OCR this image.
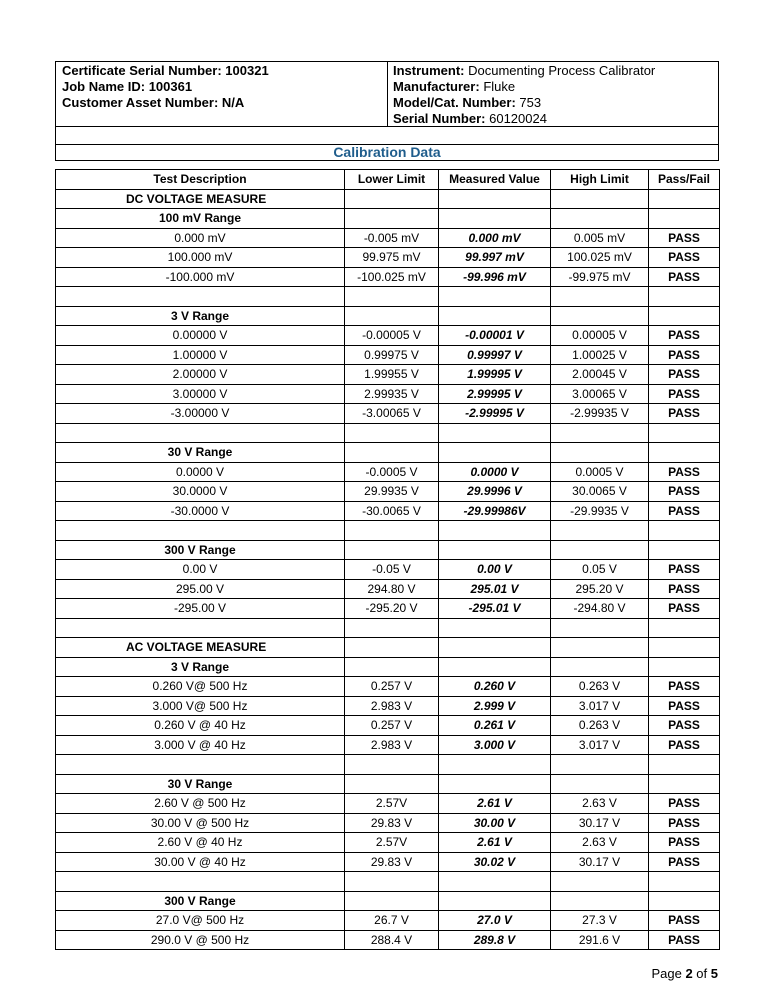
Certificate Serial Number: 100321
Job Name ID: 100361
Customer Asset Number: N/A
Instrument: Documenting Process Calibrator
Manufacturer: Fluke
Model/Cat. Number: 753
Serial Number: 60120024
Calibration Data
Test Description	Lower Limit	Measured Value	High Limit	Pass/Fail
DC VOLTAGE MEASURE				
100 mV Range				
0.000 mV	-0.005 mV	0.000 mV	0.005 mV	PASS
100.000 mV	99.975 mV	99.997 mV	100.025 mV	PASS
-100.000 mV	-100.025 mV	-99.996 mV	-99.975 mV	PASS

3 V Range				
0.00000 V	-0.00005 V	-0.00001 V	0.00005 V	PASS
1.00000 V	0.99975 V	0.99997 V	1.00025 V	PASS
2.00000 V	1.99955 V	1.99995 V	2.00045 V	PASS
3.00000 V	2.99935 V	2.99995 V	3.00065 V	PASS
-3.00000 V	-3.00065 V	-2.99995 V	-2.99935 V	PASS

30 V Range				
0.0000 V	-0.0005 V	0.0000 V	0.0005 V	PASS
30.0000 V	29.9935 V	29.9996 V	30.0065 V	PASS
-30.0000 V	-30.0065 V	-29.99986V	-29.9935 V	PASS

300 V Range				
0.00 V	-0.05 V	0.00 V	0.05 V	PASS
295.00 V	294.80 V	295.01 V	295.20 V	PASS
-295.00 V	-295.20 V	-295.01 V	-294.80 V	PASS

AC VOLTAGE MEASURE				
3 V Range				
0.260 V@ 500 Hz	0.257 V	0.260 V	0.263 V	PASS
3.000 V@ 500 Hz	2.983 V	2.999 V	3.017 V	PASS
0.260 V @ 40 Hz	0.257 V	0.261 V	0.263 V	PASS
3.000 V @ 40 Hz	2.983 V	3.000 V	3.017 V	PASS

30 V Range				
2.60 V @ 500 Hz	2.57V	2.61 V	2.63 V	PASS
30.00 V @ 500 Hz	29.83 V	30.00 V	30.17 V	PASS
2.60 V @ 40 Hz	2.57V	2.61 V	2.63 V	PASS
30.00 V @ 40 Hz	29.83 V	30.02 V	30.17 V	PASS

300 V Range				
27.0 V@ 500 Hz	26.7 V	27.0 V	27.3 V	PASS
290.0 V @ 500 Hz	288.4 V	289.8 V	291.6 V	PASS
Page 2 of 5
